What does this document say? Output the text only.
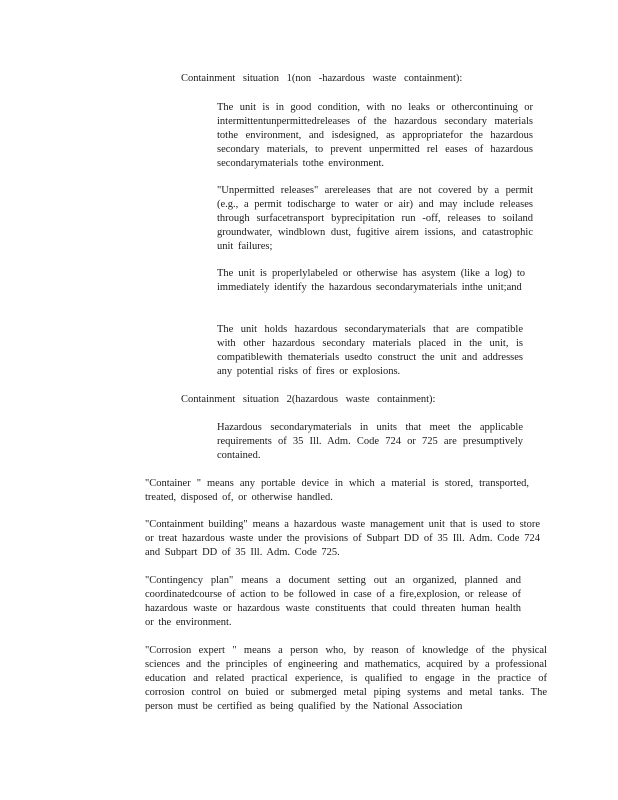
Containment situation 1(non -hazardous waste containment):

The unit is in good condition, with no leaks or othercontinuing or intermittentunpermittedreleases of the hazardous secondary materials tothe environment, and isdesigned, as appropriatefor the hazardous secondary materials, to prevent unpermitted rel eases of hazardous secondarymaterials tothe environment.

"Unpermitted releases" arereleases that are not covered by a permit (e.g., a permit todischarge to water or air) and may include releases through surfacetransport byprecipitation run -off, releases to soiland groundwater, windblown dust, fugitive airem issions, and catastrophic unit failures;

The unit is properlylabeled or otherwise has asystem (like a log) to immediately identify the hazardous secondarymaterials inthe unit;and

The unit holds hazardous secondarymaterials that are compatible with other hazardous secondary materials placed in the unit, is compatiblewith thematerials usedto construct the unit and addresses any potential risks of fires or explosions.

Containment situation 2(hazardous waste containment):

Hazardous secondarymaterials in units that meet the applicable requirements of 35 Ill. Adm. Code 724 or 725 are presumptively contained.

"Container " means any portable device in which a material is stored, transported, treated, disposed of, or otherwise handled.

"Containment building" means a hazardous waste management unit that is used to store or treat hazardous waste under the provisions of Subpart DD of 35 Ill. Adm. Code 724 and Subpart DD of 35 Ill. Adm. Code 725.

"Contingency plan" means a document setting out an organized, planned and coordinatedcourse of action to be followed in case of a fire,explosion, or release of hazardous waste or hazardous waste constituents that could threaten human health or the environment.

"Corrosion expert " means a person who, by reason of knowledge of the physical sciences and the principles of engineering and mathematics, acquired by a professional education and related practical experience, is qualified to engage in the practice of corrosion control on buied or submerged metal piping systems and metal tanks. The person must be certified as being qualified by the National Association
